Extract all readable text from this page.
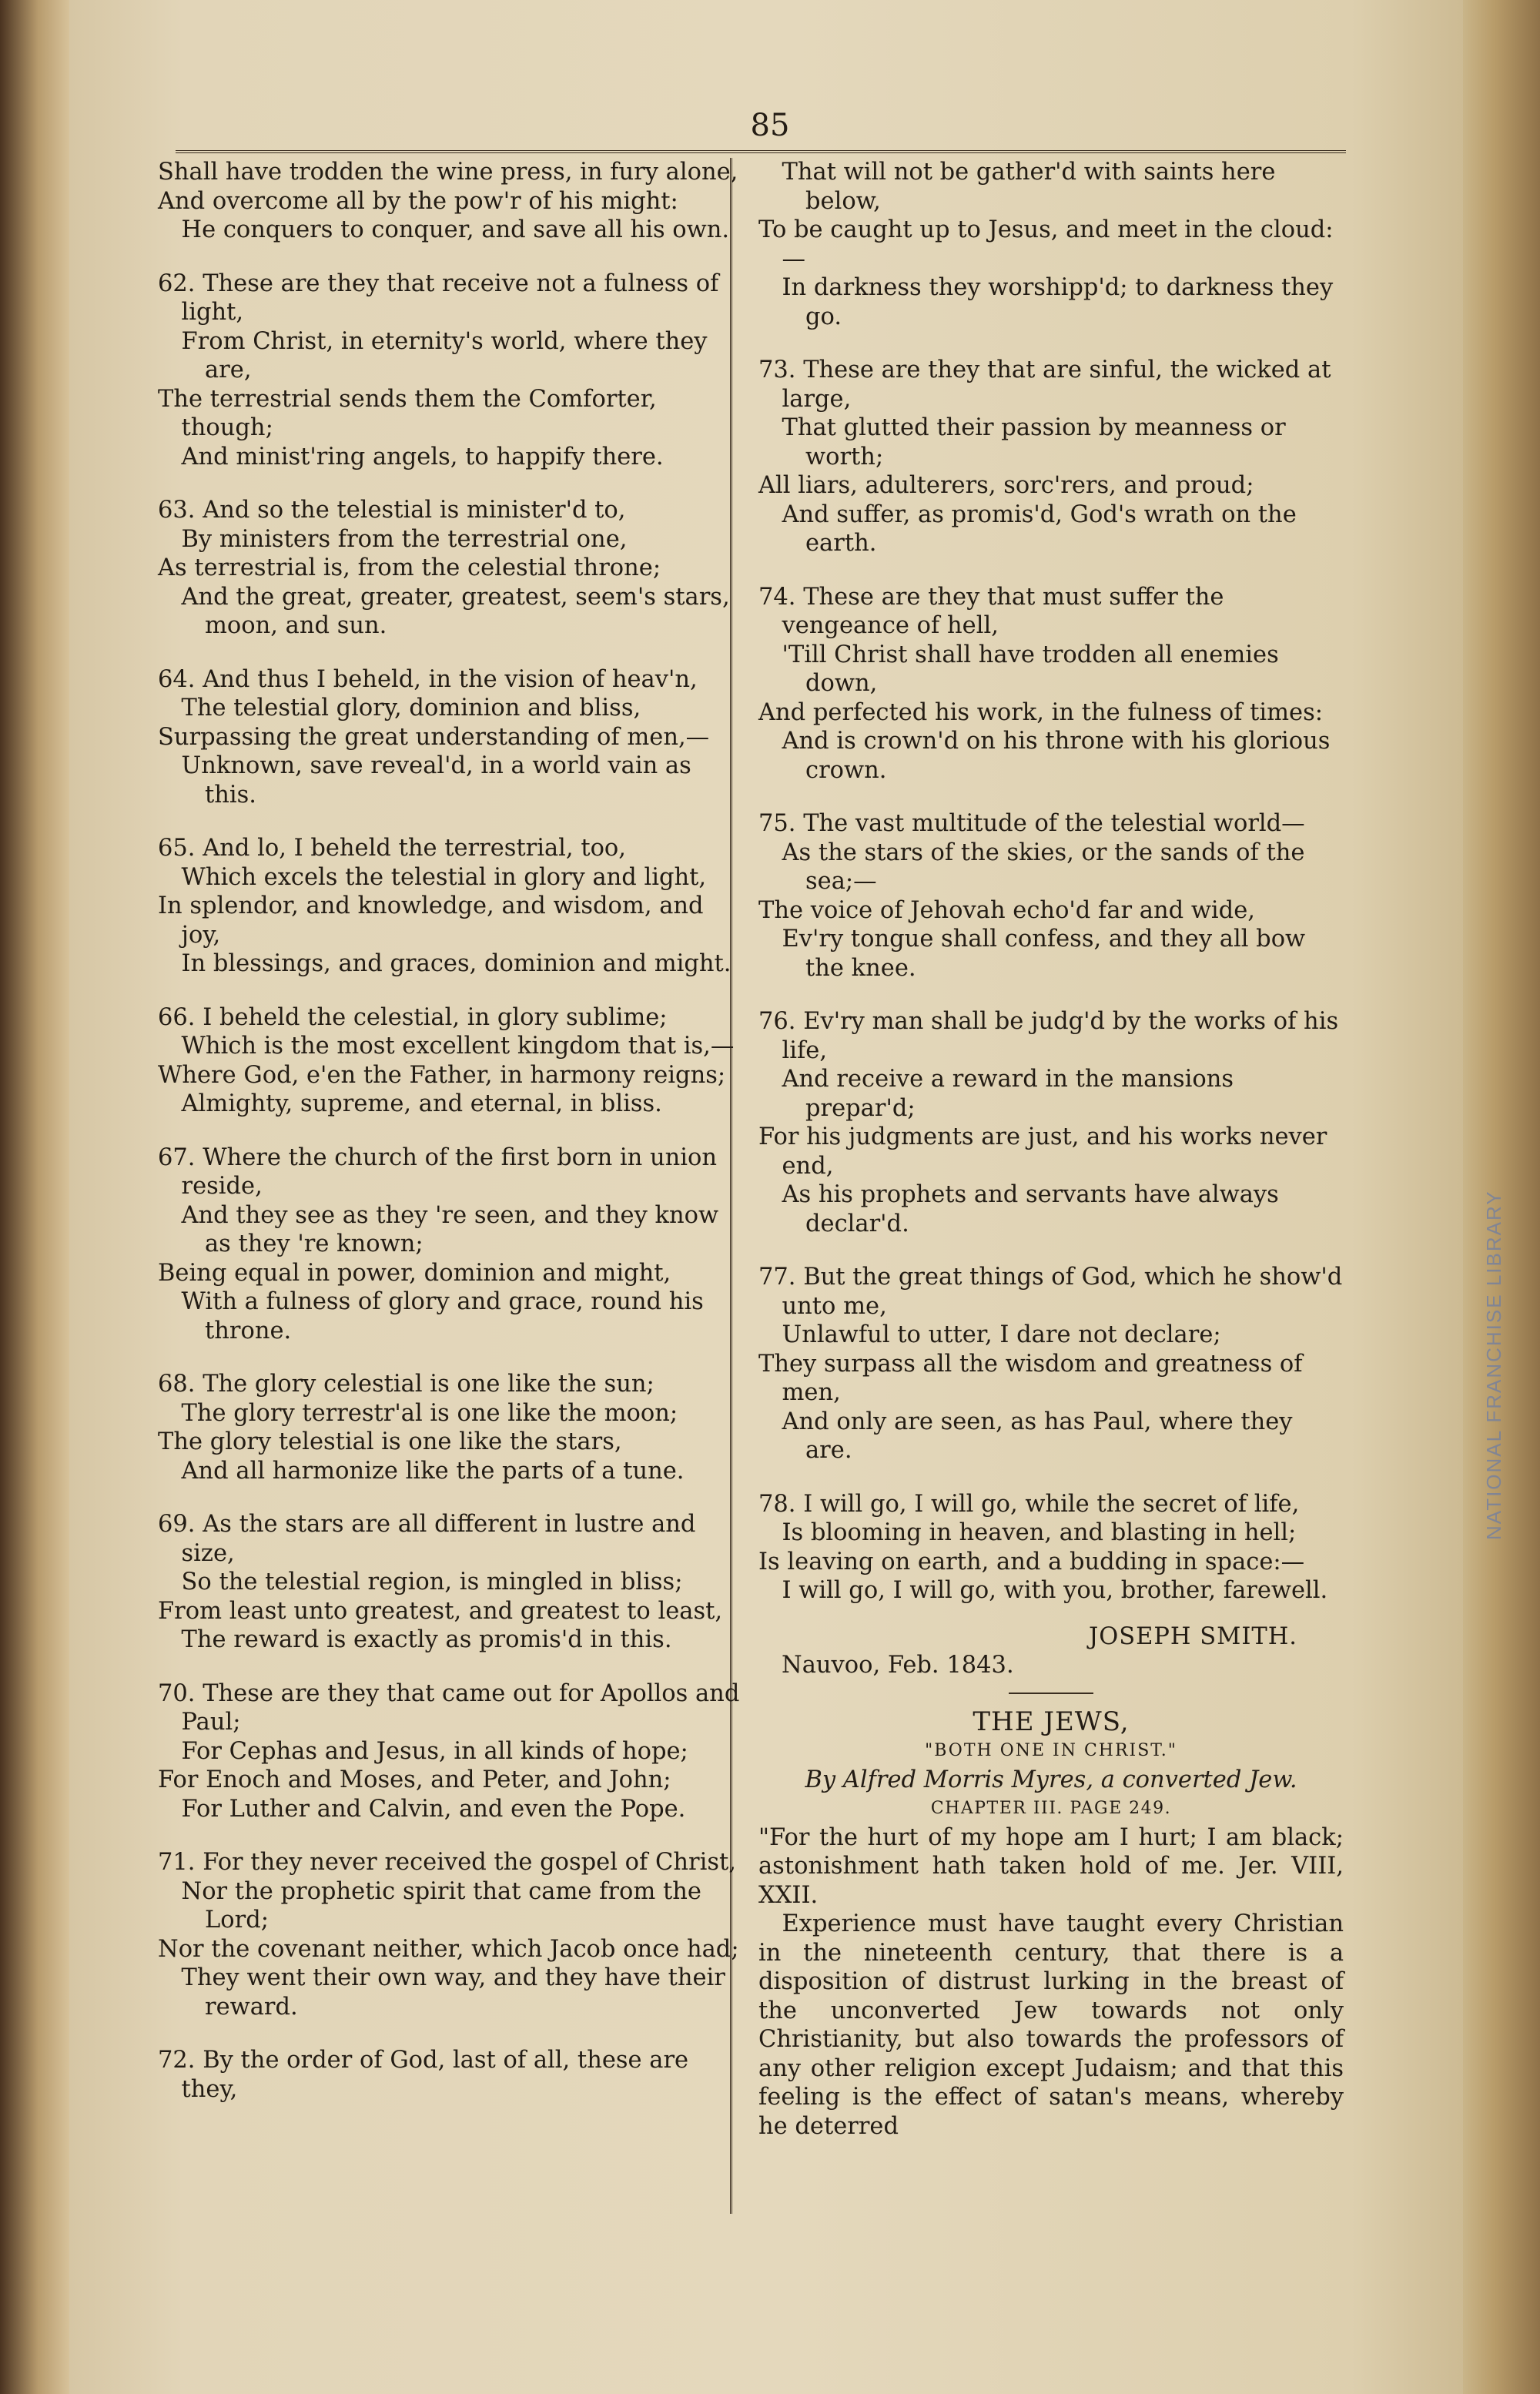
NATIONAL FRANCHISE LIBRARY
85
Shall have trodden the wine press, in fury alone,
And overcome all by the pow'r of his might:
He conquers to conquer, and save all his own.
62. These are they that receive not a fulness of light,
From Christ, in eternity's world, where they are,
The terrestrial sends them the Comforter, though;
And minist'ring angels, to happify there.
63. And so the telestial is minister'd to,
By ministers from the terrestrial one,
As terrestrial is, from the celestial throne;
And the great, greater, greatest, seem's stars, moon, and sun.
64. And thus I beheld, in the vision of heav'n,
The telestial glory, dominion and bliss,
Surpassing the great understanding of men,—
Unknown, save reveal'd, in a world vain as this.
65. And lo, I beheld the terrestrial, too,
Which excels the telestial in glory and light,
In splendor, and knowledge, and wisdom, and joy,
In blessings, and graces, dominion and might.
66. I beheld the celestial, in glory sublime;
Which is the most excellent kingdom that is,—
Where God, e'en the Father, in harmony reigns;
Almighty, supreme, and eternal, in bliss.
67. Where the church of the first born in union reside,
And they see as they 're seen, and they know as they 're known;
Being equal in power, dominion and might,
With a fulness of glory and grace, round his throne.
68. The glory celestial is one like the sun;
The glory terrestr'al is one like the moon;
The glory telestial is one like the stars,
And all harmonize like the parts of a tune.
69. As the stars are all different in lustre and size,
So the telestial region, is mingled in bliss;
From least unto greatest, and greatest to least,
The reward is exactly as promis'd in this.
70. These are they that came out for Apollos and Paul;
For Cephas and Jesus, in all kinds of hope;
For Enoch and Moses, and Peter, and John;
For Luther and Calvin, and even the Pope.
71. For they never received the gospel of Christ,
Nor the prophetic spirit that came from the Lord;
Nor the covenant neither, which Jacob once had;
They went their own way, and they have their reward.
72. By the order of God, last of all, these are they,
That will not be gather'd with saints here below,
To be caught up to Jesus, and meet in the cloud:—
In darkness they worshipp'd; to darkness they go.
73. These are they that are sinful, the wicked at large,
That glutted their passion by meanness or worth;
All liars, adulterers, sorc'rers, and proud;
And suffer, as promis'd, God's wrath on the earth.
74. These are they that must suffer the vengeance of hell,
'Till Christ shall have trodden all enemies down,
And perfected his work, in the fulness of times:
And is crown'd on his throne with his glorious crown.
75. The vast multitude of the telestial world—
As the stars of the skies, or the sands of the sea;—
The voice of Jehovah echo'd far and wide,
Ev'ry tongue shall confess, and they all bow the knee.
76. Ev'ry man shall be judg'd by the works of his life,
And receive a reward in the mansions prepar'd;
For his judgments are just, and his works never end,
As his prophets and servants have always declar'd.
77. But the great things of God, which he show'd unto me,
Unlawful to utter, I dare not declare;
They surpass all the wisdom and greatness of men,
And only are seen, as has Paul, where they are.
78. I will go, I will go, while the secret of life,
Is blooming in heaven, and blasting in hell;
Is leaving on earth, and a budding in space:—
I will go, I will go, with you, brother, farewell.
JOSEPH SMITH.
Nauvoo, Feb. 1843.
THE JEWS,
"BOTH ONE IN CHRIST."
By Alfred Morris Myres, a converted Jew.
CHAPTER III. PAGE 249.
"For the hurt of my hope am I hurt; I am black; astonishment hath taken hold of me. Jer. VIII, XXII.
Experience must have taught every Christian in the nineteenth century, that there is a disposition of distrust lurking in the breast of the unconverted Jew towards not only Christianity, but also towards the professors of any other religion except Judaism; and that this feeling is the effect of satan's means, whereby he deterred
